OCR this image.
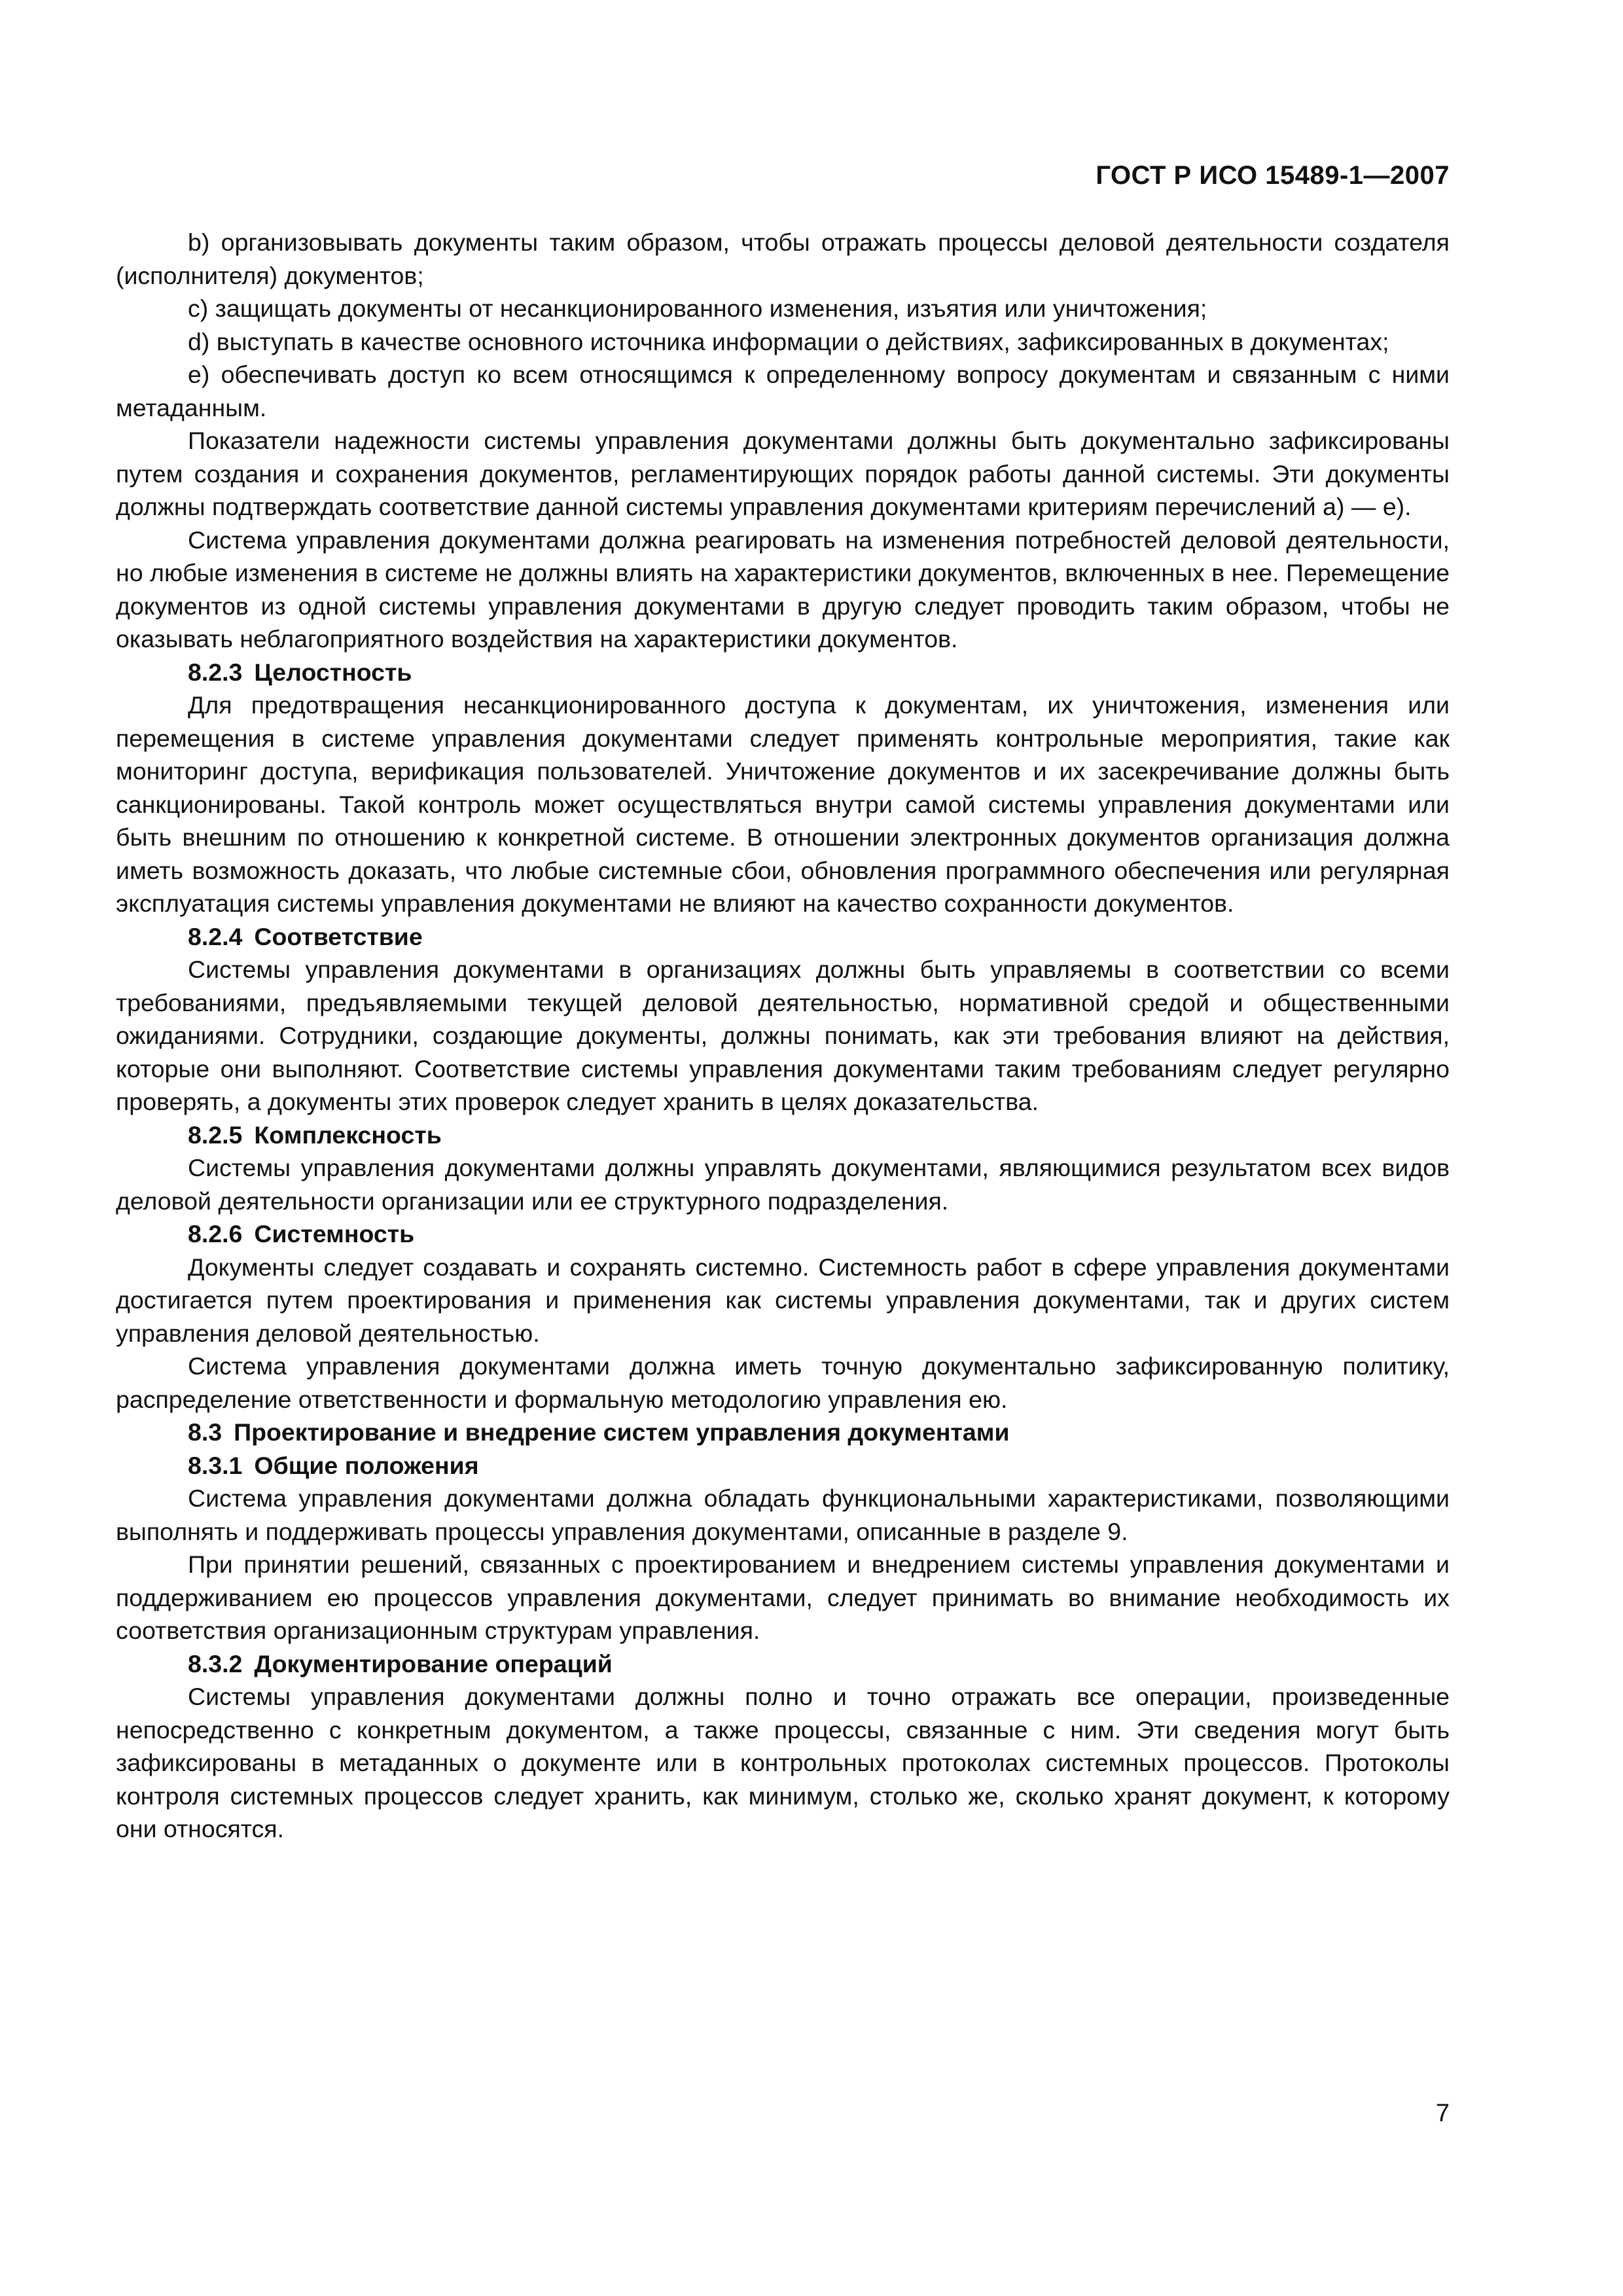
ГОСТ Р ИСО 15489-1—2007

b) организовывать документы таким образом, чтобы отражать процессы деловой деятельности создателя (исполнителя) документов;

c) защищать документы от несанкционированного изменения, изъятия или уничтожения;

d) выступать в качестве основного источника информации о действиях, зафиксированных в документах;

e) обеспечивать доступ ко всем относящимся к определенному вопросу документам и связанным с ними метаданным.

Показатели надежности системы управления документами должны быть документально зафиксированы путем создания и сохранения документов, регламентирующих порядок работы данной системы. Эти документы должны подтверждать соответствие данной системы управления документами критериям перечислений a) — e).

Система управления документами должна реагировать на изменения потребностей деловой деятельности, но любые изменения в системе не должны влиять на характеристики документов, включенных в нее. Перемещение документов из одной системы управления документами в другую следует проводить таким образом, чтобы не оказывать неблагоприятного воздействия на характеристики документов.

8.2.3 Целостность

Для предотвращения несанкционированного доступа к документам, их уничтожения, изменения или перемещения в системе управления документами следует применять контрольные мероприятия, такие как мониторинг доступа, верификация пользователей. Уничтожение документов и их засекречивание должны быть санкционированы. Такой контроль может осуществляться внутри самой системы управления документами или быть внешним по отношению к конкретной системе. В отношении электронных документов организация должна иметь возможность доказать, что любые системные сбои, обновления программного обеспечения или регулярная эксплуатация системы управления документами не влияют на качество сохранности документов.

8.2.4 Соответствие

Системы управления документами в организациях должны быть управляемы в соответствии со всеми требованиями, предъявляемыми текущей деловой деятельностью, нормативной средой и общественными ожиданиями. Сотрудники, создающие документы, должны понимать, как эти требования влияют на действия, которые они выполняют. Соответствие системы управления документами таким требованиям следует регулярно проверять, а документы этих проверок следует хранить в целях доказательства.

8.2.5 Комплексность

Системы управления документами должны управлять документами, являющимися результатом всех видов деловой деятельности организации или ее структурного подразделения.

8.2.6 Системность

Документы следует создавать и сохранять системно. Системность работ в сфере управления документами достигается путем проектирования и применения как системы управления документами, так и других систем управления деловой деятельностью.

Система управления документами должна иметь точную документально зафиксированную политику, распределение ответственности и формальную методологию управления ею.

8.3 Проектирование и внедрение систем управления документами
8.3.1 Общие положения

Система управления документами должна обладать функциональными характеристиками, позволяющими выполнять и поддерживать процессы управления документами, описанные в разделе 9.

При принятии решений, связанных с проектированием и внедрением системы управления документами и поддерживанием ею процессов управления документами, следует принимать во внимание необходимость их соответствия организационным структурам управления.

8.3.2 Документирование операций

Системы управления документами должны полно и точно отражать все операции, произведенные непосредственно с конкретным документом, а также процессы, связанные с ним. Эти сведения могут быть зафиксированы в метаданных о документе или в контрольных протоколах системных процессов. Протоколы контроля системных процессов следует хранить, как минимум, столько же, сколько хранят документ, к которому они относятся.

7
